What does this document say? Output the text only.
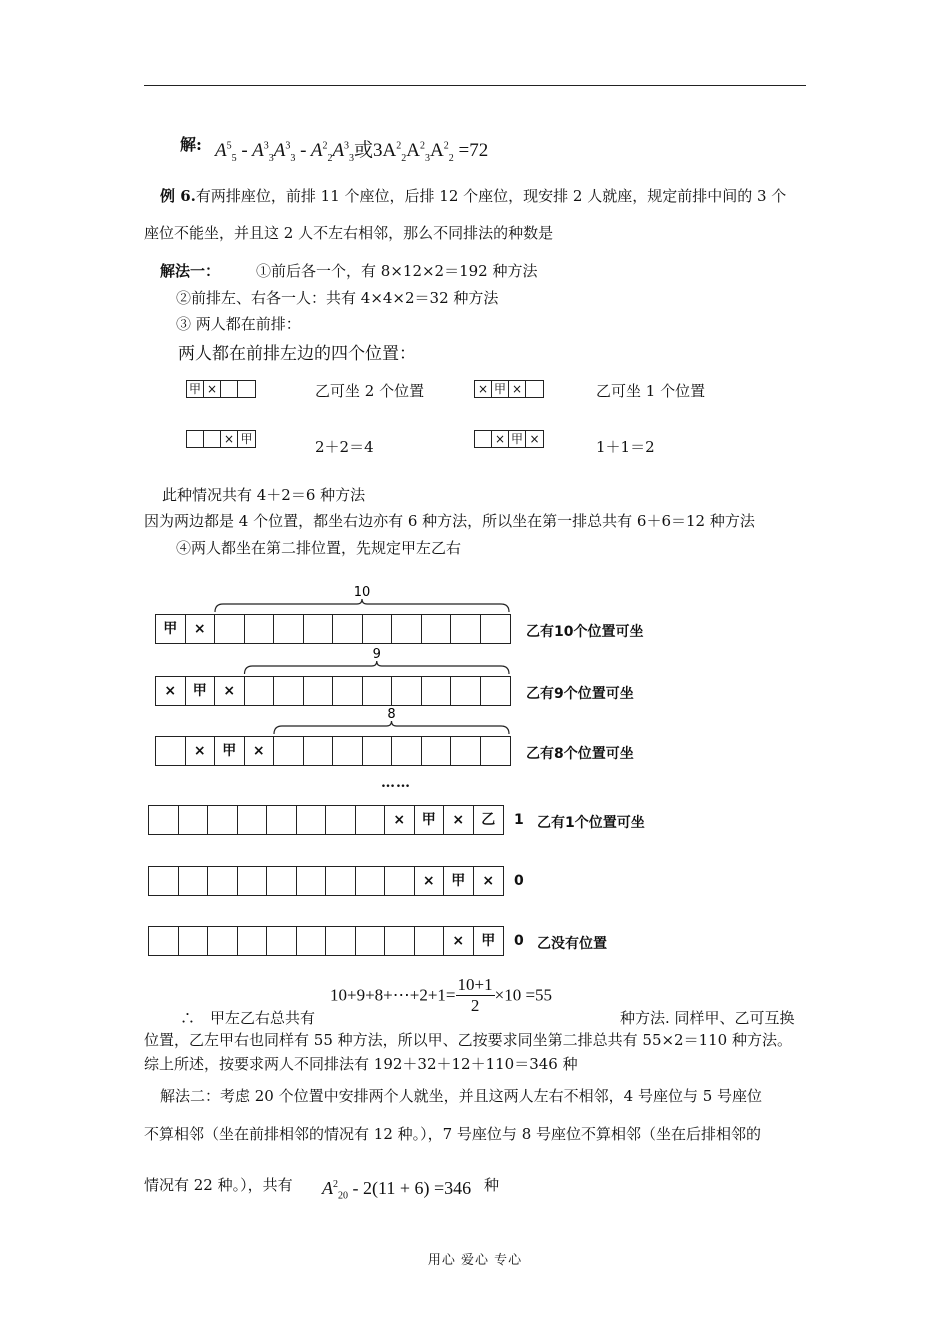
解: $A^5_5 - A^3_3A^3_3 - A^2_2A^3_3$或$3A^2_2A^2_3A^2_2 =72$
例 6.有两排座位，前排 11 个座位，后排 12 个座位，现安排 2 人就座，规定前排中间的 3 个
座位不能坐，并且这 2 人不左右相邻，那么不同排法的种数是
解法一： ①前后各一个，有 8×12×2＝192 种方法
②前排左、右各一人：共有 4×4×2＝32 种方法
③ 两人都在前排：
两人都在前排左边的四个位置：
甲 ×	乙可坐 2 个位置	× 甲 ×	乙可坐 1 个位置
× 甲	2＋2＝4	× 甲 ×	1＋1＝2
此种情况共有 4＋2＝6 种方法
因为两边都是 4 个位置，都坐右边亦有 6 种方法，所以坐在第一排总共有 6＋6＝12 种方法
④两人都坐在第二排位置，先规定甲左乙右
10
9
8
甲	×	乙有10个位置可坐
×	甲	×	乙有9个位置可坐
×	甲	×	乙有8个位置可坐
×	甲	×	乙	1 乙有1个位置可坐
×	甲	×	0
×	甲	0 乙没有位置
……
10+9+8+⋯+2+1= $\frac{10+1}{2} \times 10 =55$
∴　甲左乙右总共有	种方法. 同样甲、乙可互换
位置，乙左甲右也同样有 55 种方法，所以甲、乙按要求同坐第二排总共有 55×2＝110 种方法。
综上所述，按要求两人不同排法有 192＋32＋12＋110＝346 种
解法二：考虑 20 个位置中安排两个人就坐，并且这两人左右不相邻，4 号座位与 5 号座位
不算相邻（坐在前排相邻的情况有 12 种。），7 号座位与 8 号座位不算相邻（坐在后排相邻的
情况有 22 种。），共有 $A^2_{20} - 2(11 + 6) =346$ 种
用心 爱心 专心
